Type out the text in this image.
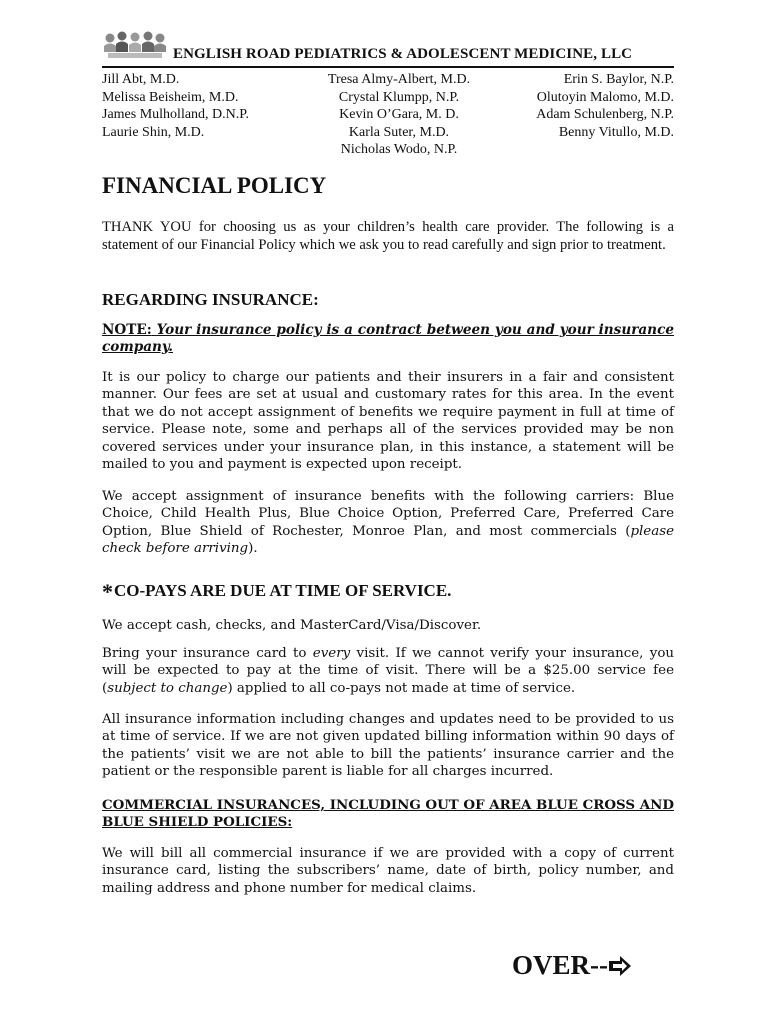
ENGLISH ROAD PEDIATRICS & ADOLESCENT MEDICINE, LLC
Jill Abt, M.D.
Melissa Beisheim, M.D.
James Mulholland, D.N.P.
Laurie Shin, M.D.
Tresa Almy-Albert, M.D.
Crystal Klumpp, N.P.
Kevin O’Gara, M. D.
Karla Suter, M.D.
Nicholas Wodo, N.P.
Erin S. Baylor, N.P.
Olutoyin Malomo, M.D.
Adam Schulenberg, N.P.
Benny Vitullo, M.D.
FINANCIAL POLICY
THANK YOU for choosing us as your children’s health care provider. The following is a statement of our Financial Policy which we ask you to read carefully and sign prior to treatment.
REGARDING INSURANCE:
NOTE: Your insurance policy is a contract between you and your insurance company.
It is our policy to charge our patients and their insurers in a fair and consistent manner. Our fees are set at usual and customary rates for this area. In the event that we do not accept assignment of benefits we require payment in full at time of service. Please note, some and perhaps all of the services provided may be non covered services under your insurance plan, in this instance, a statement will be mailed to you and payment is expected upon receipt.
We accept assignment of insurance benefits with the following carriers: Blue Choice, Child Health Plus, Blue Choice Option, Preferred Care, Preferred Care Option, Blue Shield of Rochester, Monroe Plan, and most commercials (please check before arriving).
*CO-PAYS ARE DUE AT TIME OF SERVICE.
We accept cash, checks, and MasterCard/Visa/Discover.
Bring your insurance card to every visit. If we cannot verify your insurance, you will be expected to pay at the time of visit. There will be a $25.00 service fee (subject to change) applied to all co-pays not made at time of service.
All insurance information including changes and updates need to be provided to us at time of service. If we are not given updated billing information within 90 days of the patients’ visit we are not able to bill the patients’ insurance carrier and the patient or the responsible parent is liable for all charges incurred.
COMMERCIAL INSURANCES, INCLUDING OUT OF AREA BLUE CROSS AND BLUE SHIELD POLICIES:
We will bill all commercial insurance if we are provided with a copy of current insurance card, listing the subscribers’ name, date of birth, policy number, and mailing address and phone number for medical claims.
OVER--
